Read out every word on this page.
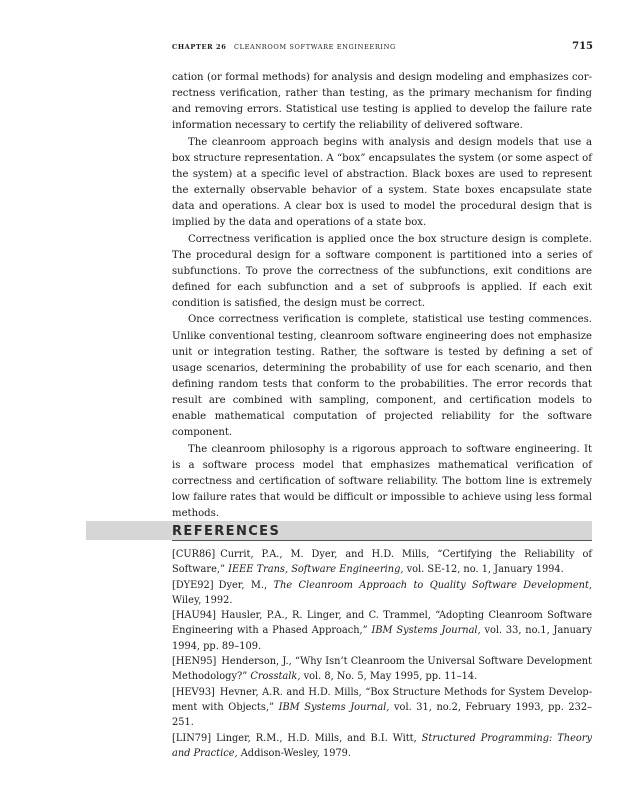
CHAPTER 26 CLEANROOM SOFTWARE ENGINEERING	715

cation (or formal methods) for analysis and design modeling and emphasizes correctness verification, rather than testing, as the primary mechanism for finding and removing errors. Statistical use testing is applied to develop the failure rate information necessary to certify the reliability of delivered software.

The cleanroom approach begins with analysis and design models that use a box structure representation. A “box” encapsulates the system (or some aspect of the system) at a specific level of abstraction. Black boxes are used to represent the externally observable behavior of a system. State boxes encapsulate state data and operations. A clear box is used to model the procedural design that is implied by the data and operations of a state box.

Correctness verification is applied once the box structure design is complete. The procedural design for a software component is partitioned into a series of subfunctions. To prove the correctness of the subfunctions, exit conditions are defined for each subfunction and a set of subproofs is applied. If each exit condition is satisfied, the design must be correct.

Once correctness verification is complete, statistical use testing commences. Unlike conventional testing, cleanroom software engineering does not emphasize unit or integration testing. Rather, the software is tested by defining a set of usage scenarios, determining the probability of use for each scenario, and then defining random tests that conform to the probabilities. The error records that result are combined with sampling, component, and certification models to enable mathematical computation of projected reliability for the software component.

The cleanroom philosophy is a rigorous approach to software engineering. It is a software process model that emphasizes mathematical verification of correctness and certification of software reliability. The bottom line is extremely low failure rates that would be difficult or impossible to achieve using less formal methods.

REFERENCES

[CUR86] Currit, P.A., M. Dyer, and H.D. Mills, “Certifying the Reliability of Software,” IEEE Trans, Software Engineering, vol. SE-12, no. 1, January 1994.

[DYE92] Dyer, M., The Cleanroom Approach to Quality Software Development, Wiley, 1992.

[HAU94] Hausler, P.A., R. Linger, and C. Trammel, “Adopting Cleanroom Software Engineering with a Phased Approach,” IBM Systems Journal, vol. 33, no.1, January 1994, pp. 89–109.

[HEN95] Henderson, J., “Why Isn’t Cleanroom the Universal Software Development Methodology?” Crosstalk, vol. 8, No. 5, May 1995, pp. 11–14.

[HEV93] Hevner, A.R. and H.D. Mills, “Box Structure Methods for System Development with Objects,” IBM Systems Journal, vol. 31, no.2, February 1993, pp. 232–251.

[LIN79] Linger, R.M., H.D. Mills, and B.I. Witt, Structured Programming: Theory and Practice, Addison-Wesley, 1979.
